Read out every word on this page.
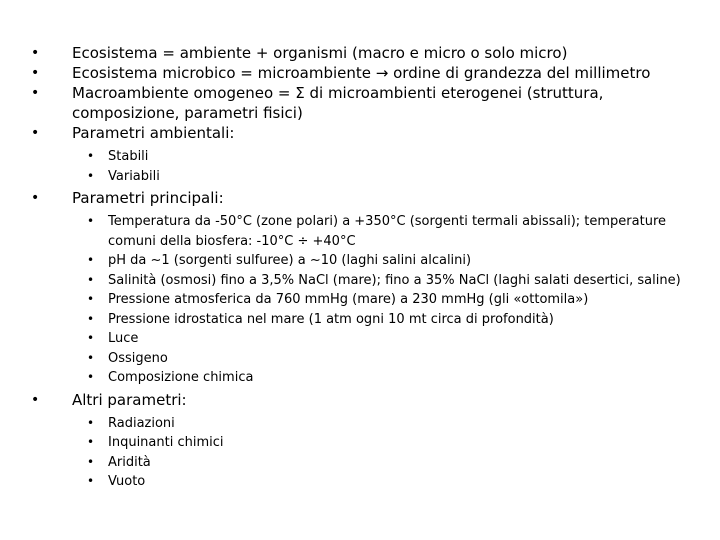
•	Ecosistema = ambiente + organismi (macro e micro o solo micro)
•	Ecosistema microbico = microambiente → ordine di grandezza del millimetro
•	Macroambiente omogeneo = Σ di microambienti eterogenei (struttura, composizione, parametri fisici)
•	Parametri ambientali:
• Stabili
• Variabili
•	Parametri principali:
• Temperatura da -50°C (zone polari) a +350°C (sorgenti termali abissali); temperature comuni della biosfera: -10°C ÷ +40°C
• pH da ~1 (sorgenti sulfuree) a ~10 (laghi salini alcalini)
• Salinità (osmosi) fino a 3,5% NaCl (mare); fino a 35% NaCl (laghi salati desertici, saline)
• Pressione atmosferica da 760 mmHg (mare) a 230 mmHg (gli «ottomila»)
• Pressione idrostatica nel mare (1 atm ogni 10 mt circa di profondità)
• Luce
• Ossigeno
• Composizione chimica
•	Altri parametri:
• Radiazioni
• Inquinanti chimici
• Aridità
• Vuoto
